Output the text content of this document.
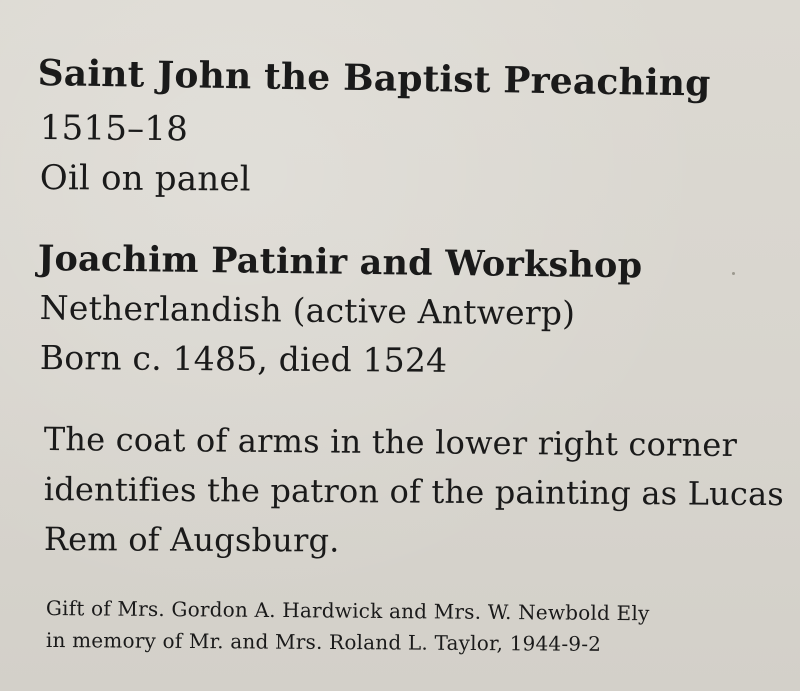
Saint John the Baptist Preaching
1515–18
Oil on panel
Joachim Patinir and Workshop
Netherlandish (active Antwerp)
Born c. 1485, died 1524
The coat of arms in the lower right corner
identifies the patron of the painting as Lucas
Rem of Augsburg.
Gift of Mrs. Gordon A. Hardwick and Mrs. W. Newbold Ely
in memory of Mr. and Mrs. Roland L. Taylor, 1944-9-2
